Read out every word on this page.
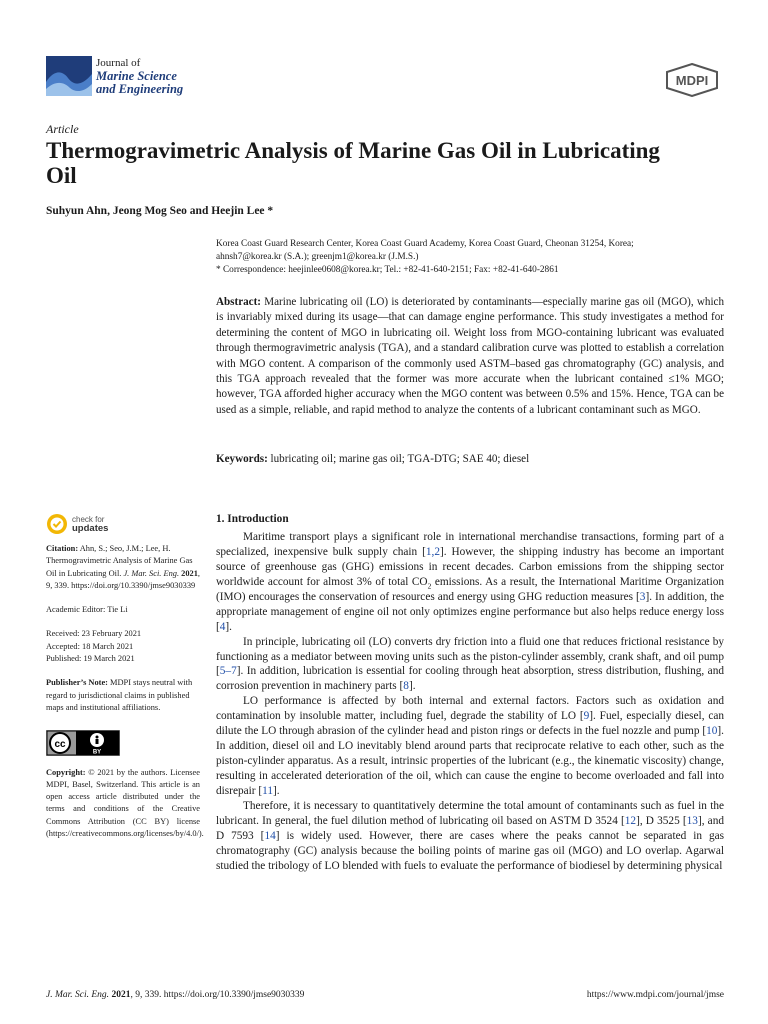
Journal of
Marine Science
and Engineering
MDPI
Article
Thermogravimetric Analysis of Marine Gas Oil in Lubricating Oil
Suhyun Ahn, Jeong Mog Seo and Heejin Lee *

Korea Coast Guard Research Center, Korea Coast Guard Academy, Korea Coast Guard, Cheonan 31254, Korea;

ahnsh7@korea.kr (S.A.); greenjm1@korea.kr (J.M.S.)

* Correspondence: heejinlee0608@korea.kr; Tel.: +82-41-640-2151; Fax: +82-41-640-2861

Abstract: Marine lubricating oil (LO) is deteriorated by contaminants—especially marine gas oil (MGO), which is invariably mixed during its usage—that can damage engine performance. This study investigates a method for determining the content of MGO in lubricating oil. Weight loss from MGO-containing lubricant was evaluated through thermogravimetric analysis (TGA), and a standard calibration curve was plotted to establish a correlation with MGO content. A comparison of the commonly used ASTM–based gas chromatography (GC) analysis, and this TGA approach revealed that the former was more accurate when the lubricant contained ≤1% MGO; however, TGA afforded higher accuracy when the MGO content was between 0.5% and 15%. Hence, TGA can be used as a simple, reliable, and rapid method to analyze the contents of a lubricant contaminant such as MGO.

Keywords: lubricating oil; marine gas oil; TGA-DTG; SAE 40; diesel

check for
updates

Citation: Ahn, S.; Seo, J.M.; Lee, H. Thermogravimetric Analysis of Marine Gas Oil in Lubricating Oil. J. Mar. Sci. Eng. 2021, 9, 339. https://doi.org/10.3390/jmse9030339

Academic Editor: Tie Li

Received: 23 February 2021

Accepted: 18 March 2021

Published: 19 March 2021

Publisher’s Note: MDPI stays neutral with regard to jurisdictional claims in published maps and institutional affiliations.

cc
BY

Copyright: © 2021 by the authors. Licensee MDPI, Basel, Switzerland. This article is an open access article distributed under the terms and conditions of the Creative Commons Attribution (CC BY) license (https://creativecommons.org/licenses/by/4.0/).

1. Introduction

Maritime transport plays a significant role in international merchandise transactions, forming part of a specialized, inexpensive bulk supply chain [1,2]. However, the shipping industry has become an important source of greenhouse gas (GHG) emissions in recent decades. Carbon emissions from the shipping sector worldwide account for almost 3% of total $CO_2$ emissions. As a result, the International Maritime Organization (IMO) encourages the conservation of resources and energy using GHG reduction measures [3]. In addition, the appropriate management of engine oil not only optimizes engine performance but also helps reduce energy loss [4].

In principle, lubricating oil (LO) converts dry friction into a fluid one that reduces frictional resistance by functioning as a mediator between moving units such as the piston-cylinder assembly, crank shaft, and oil pump [5–7]. In addition, lubrication is essential for cooling through heat absorption, stress distribution, flushing, and corrosion prevention in machinery parts [8].

LO performance is affected by both internal and external factors. Factors such as oxidation and contamination by insoluble matter, including fuel, degrade the stability of LO [9]. Fuel, especially diesel, can dilute the LO through abrasion of the cylinder head and piston rings or defects in the fuel nozzle and pump [10]. In addition, diesel oil and LO inevitably blend around parts that reciprocate relative to each other, such as the piston-cylinder apparatus. As a result, intrinsic properties of the lubricant (e.g., the kinematic viscosity) change, resulting in accelerated deterioration of the oil, which can cause the engine to become overloaded and fall into disrepair [11].

Therefore, it is necessary to quantitatively determine the total amount of contaminants such as fuel in the lubricant. In general, the fuel dilution method of lubricating oil based on ASTM D 3524 [12], D 3525 [13], and D 7593 [14] is widely used. However, there are cases where the peaks cannot be separated in gas chromatography (GC) analysis because the boiling points of marine gas oil (MGO) and LO overlap. Agarwal studied the tribology of LO blended with fuels to evaluate the performance of biodiesel by determining physical

J. Mar. Sci. Eng. 2021, 9, 339. https://doi.org/10.3390/jmse9030339	https://www.mdpi.com/journal/jmse
